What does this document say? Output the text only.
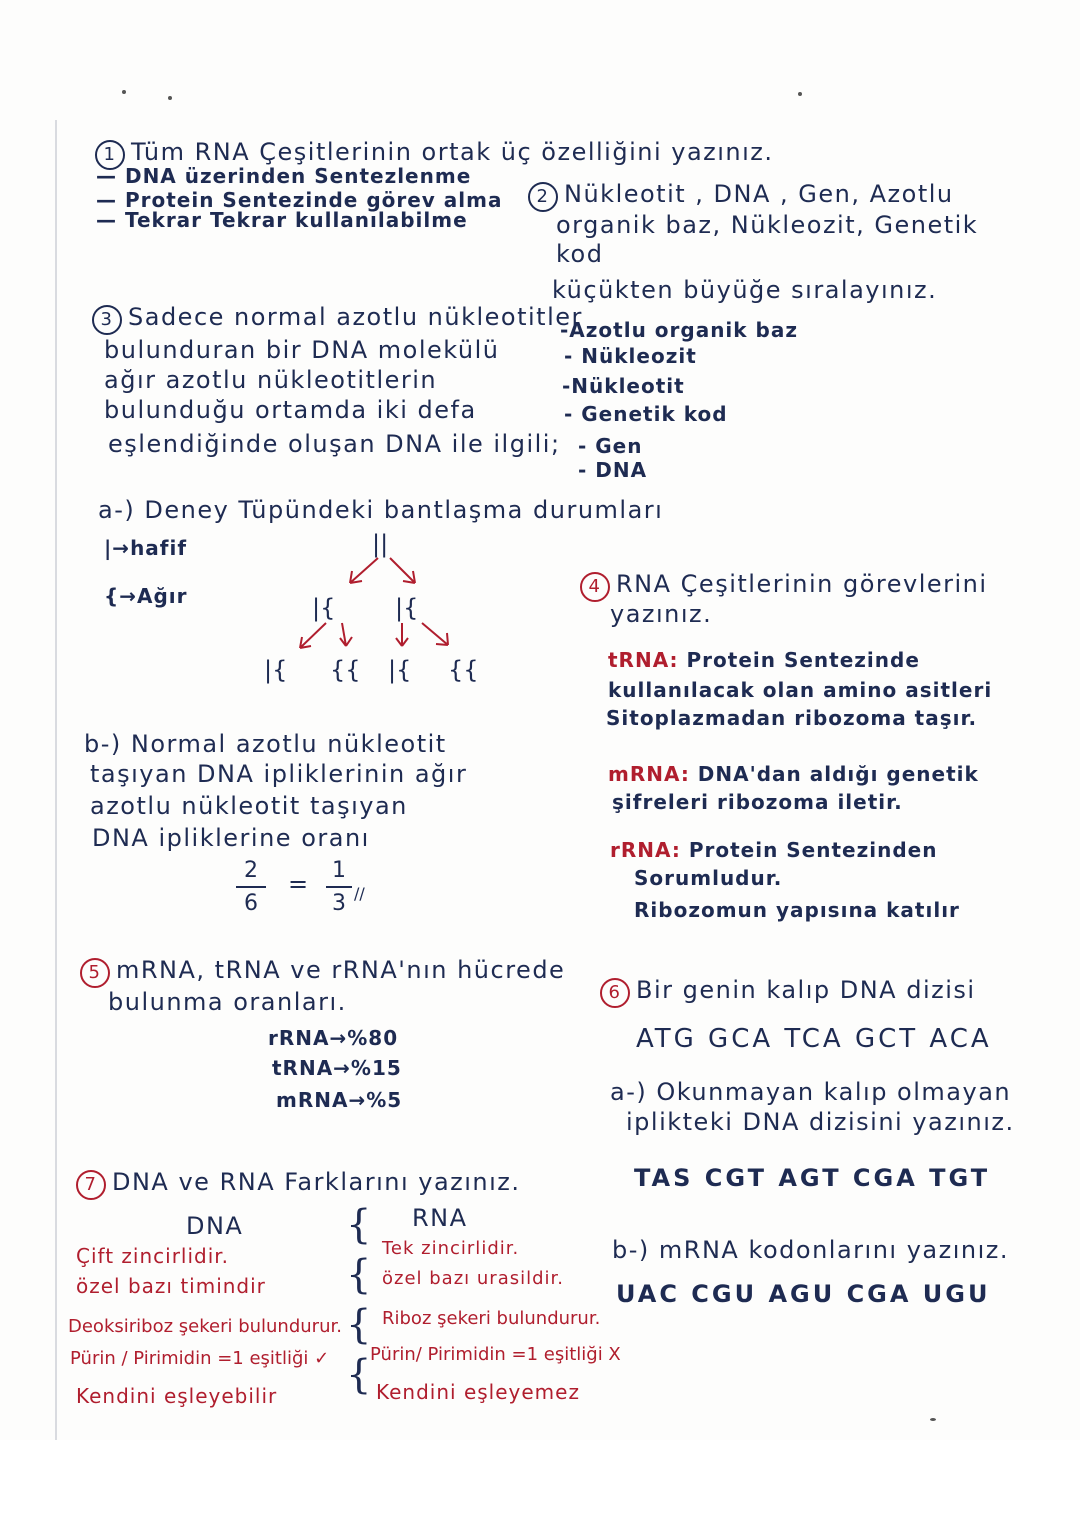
1 Tüm RNA Çeşitlerinin ortak üç özelliğini yazınız.
— DNA üzerinden Sentezlenme
— Protein Sentezinde görev alma
— Tekrar Tekrar kullanılabilme
2 Nükleotit , DNA , Gen, Azotlu
organik baz, Nükleozit, Genetik
kod
küçükten büyüğe sıralayınız.
-Azotlu organik baz
- Nükleozit
-Nükleotit
- Genetik kod
- Gen
- DNA
3 Sadece normal azotlu nükleotitler
bulunduran bir DNA molekülü
ağır azotlu nükleotitlerin
bulunduğu ortamda iki defa
eşlendiğinde oluşan DNA ile ilgili;
a-) Deney Tüpündeki bantlaşma durumları
|→hafif
{→Ağır
||
|{ |{
|{ {{ |{ {{
b-) Normal azotlu nükleotit
taşıyan DNA ipliklerinin ağır
azotlu nükleotit taşıyan
DNA ipliklerine oranı
2
6
= 1
3 //
4 RNA Çeşitlerinin görevlerini
yazınız.
tRNA: Protein Sentezinde
kullanılacak olan amino asitleri
Sitoplazmadan ribozoma taşır.
mRNA: DNA'dan aldığı genetik
şifreleri ribozoma iletir.
rRNA: Protein Sentezinden
Sorumludur.
Ribozomun yapısına katılır
5 mRNA, tRNA ve rRNA'nın hücrede
bulunma oranları.
rRNA→%80
tRNA→%15
mRNA→%5
6 Bir genin kalıp DNA dizisi
ATG GCA TCA GCT ACA
a-) Okunmayan kalıp olmayan
iplikteki DNA dizisini yazınız.
TAS CGT AGT CGA TGT
b-) mRNA kodonlarını yazınız.
UAC CGU AGU CGA UGU
7 DNA ve RNA Farklarını yazınız.
DNA	RNA
Çift zincirlidir.
özel bazı timindir
Deoksiriboz şekeri bulundurur.
Pürin / Pirimidin =1 eşitliği ✓
Kendini eşleyebilir
{
{
{
{
Tek zincirlidir.
özel bazı urasildir.
Riboz şekeri bulundurur.
Pürin/ Pirimidin =1 eşitliği X
Kendini eşleyemez
